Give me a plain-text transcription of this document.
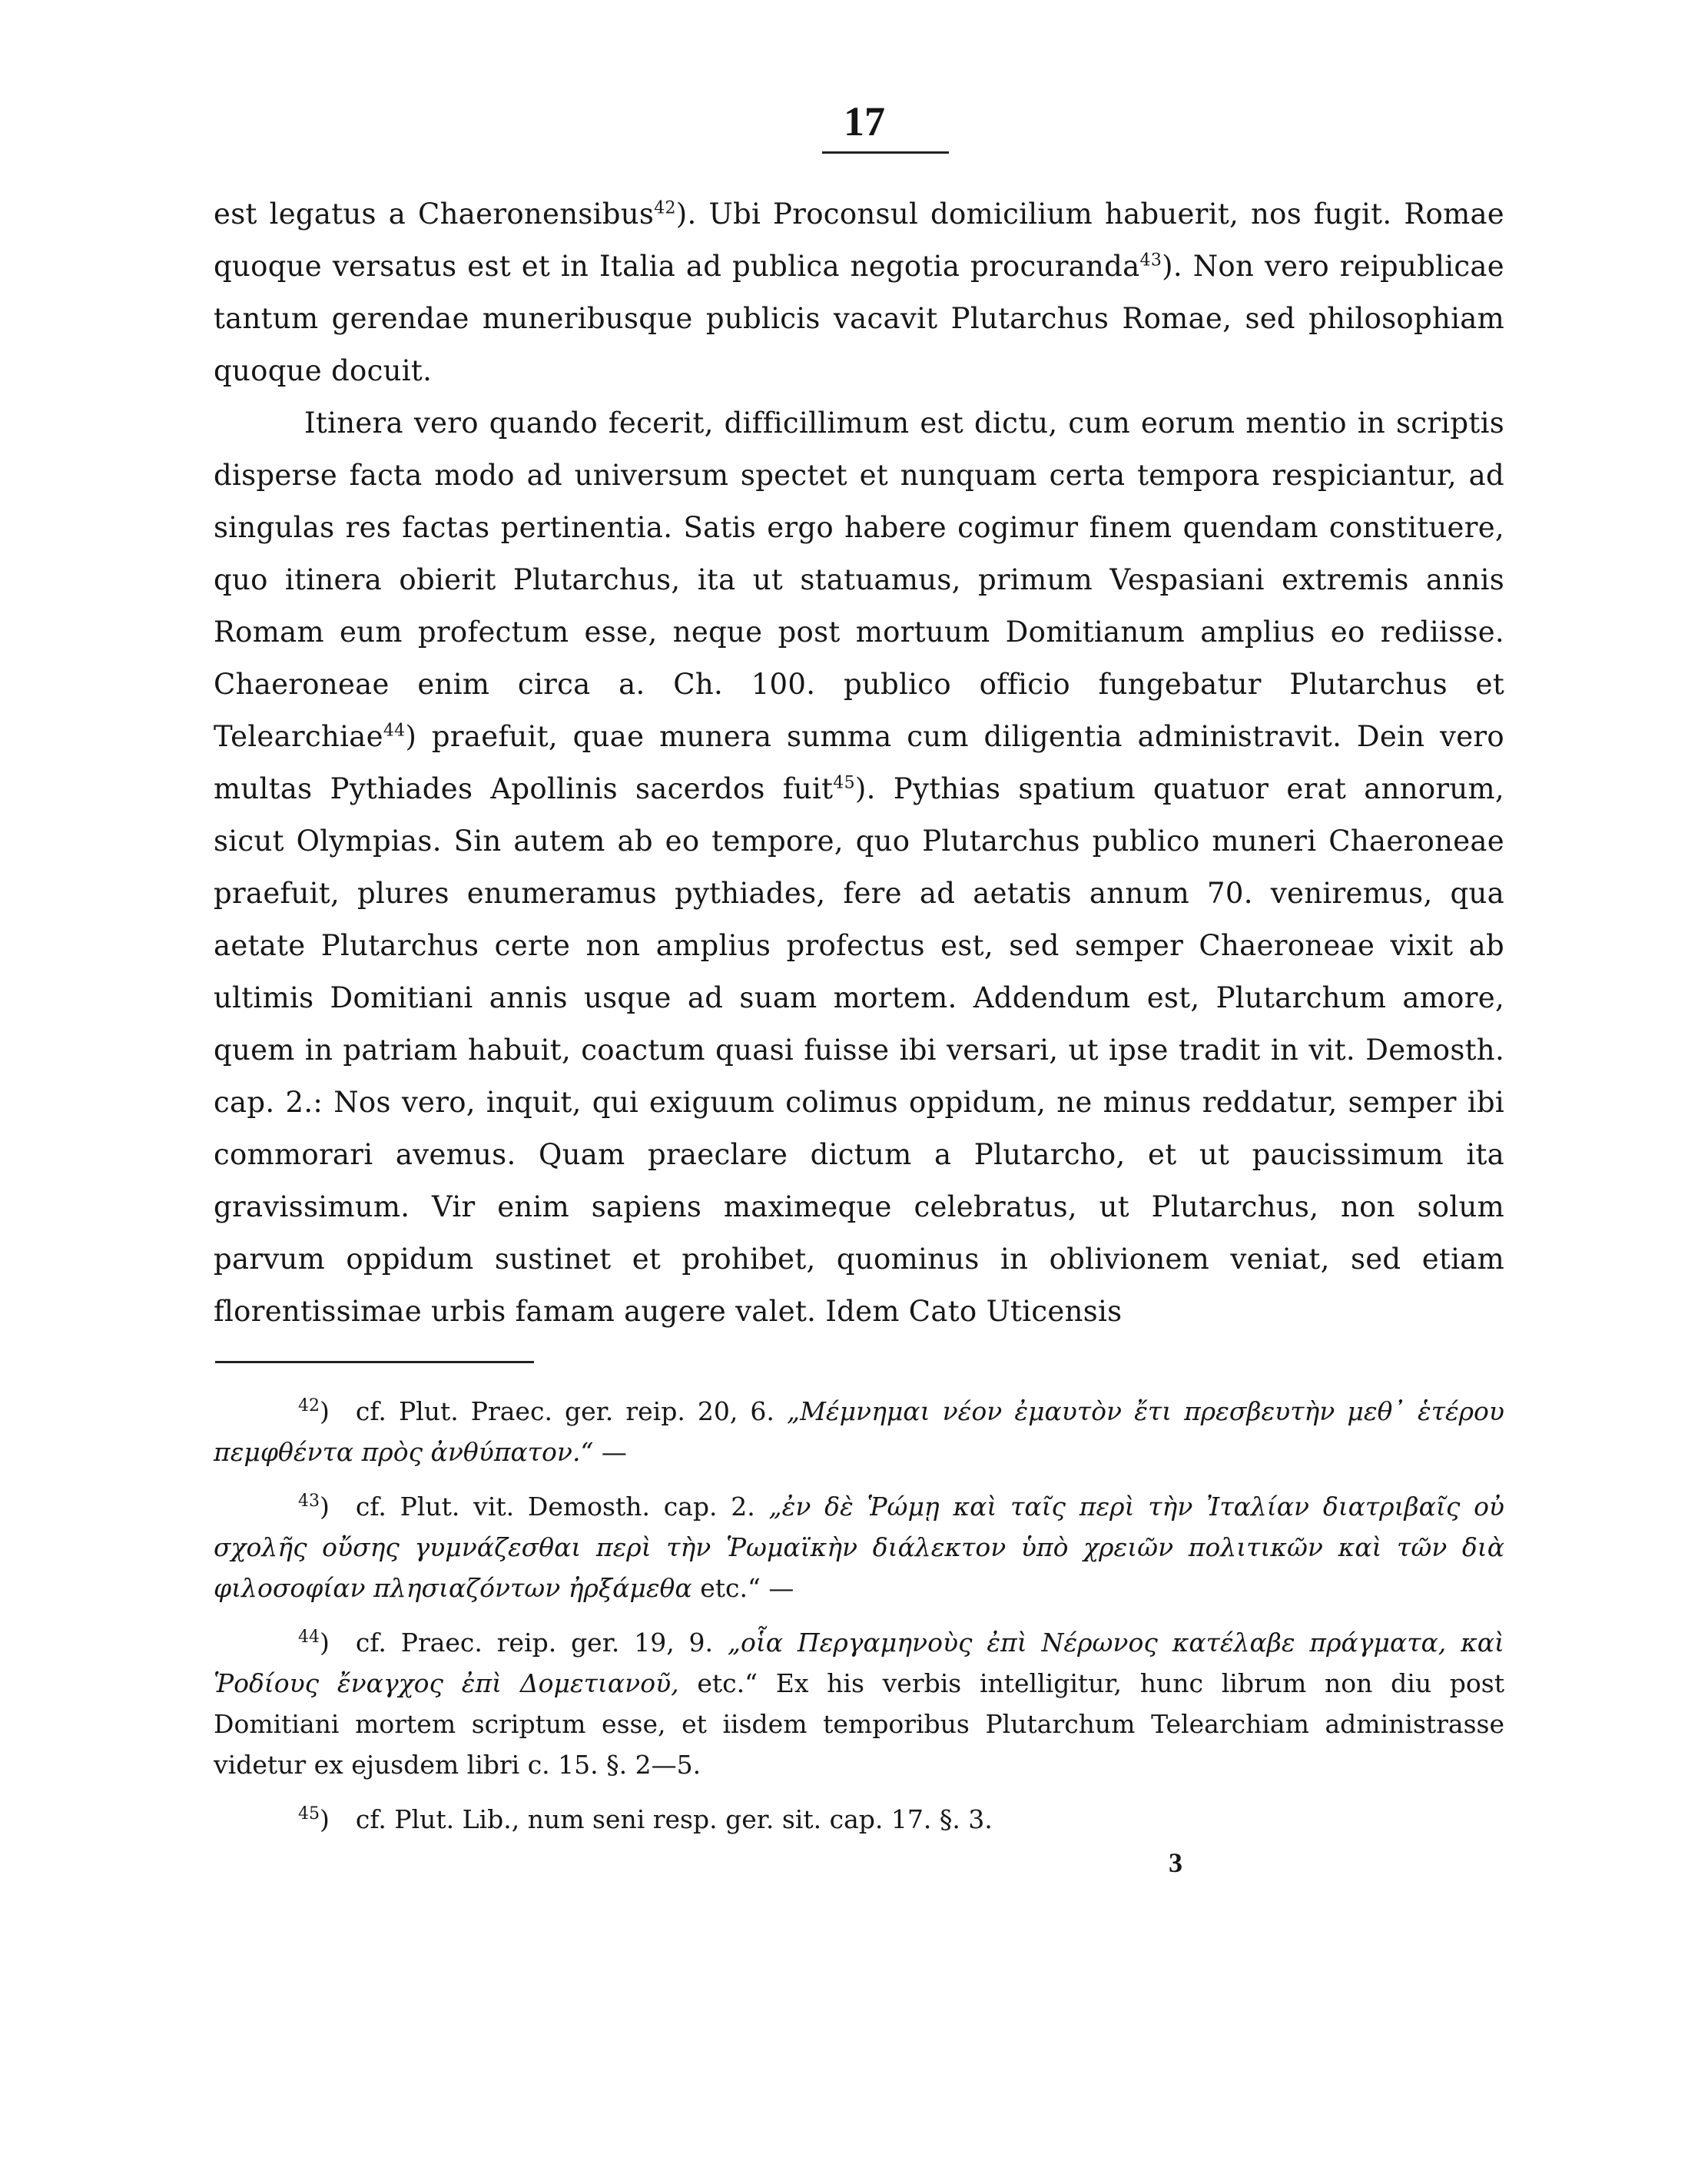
17

est legatus a Chaeronensibus$^{42}$). Ubi Proconsul domicilium habuerit, nos fugit. Romae quoque versatus est et in Italia ad publica negotia procuranda$^{43}$). Non vero reipublicae tantum gerendae muneribusque publicis vacavit Plutarchus Romae, sed philosophiam quoque docuit.

Itinera vero quando fecerit, difficillimum est dictu, cum eorum mentio in scriptis disperse facta modo ad universum spectet et nunquam certa tempora respiciantur, ad singulas res factas pertinentia. Satis ergo habere cogimur finem quendam constituere, quo itinera obierit Plutarchus, ita ut statuamus, primum Vespasiani extremis annis Romam eum profectum esse, neque post mortuum Domitianum amplius eo rediisse. Chaeroneae enim circa a. Ch. 100. publico officio fungebatur Plutarchus et Telearchiae$^{44}$) praefuit, quae munera summa cum diligentia administravit. Dein vero multas Pythiades Apollinis sacerdos fuit$^{45}$). Pythias spatium quatuor erat annorum, sicut Olympias. Sin autem ab eo tempore, quo Plutarchus publico muneri Chaeroneae praefuit, plures enumeramus pythiades, fere ad aetatis annum 70. veniremus, qua aetate Plutarchus certe non amplius profectus est, sed semper Chaeroneae vixit ab ultimis Domitiani annis usque ad suam mortem. Addendum est, Plutarchum amore, quem in patriam habuit, coactum quasi fuisse ibi versari, ut ipse tradit in vit. Demosth. cap. 2.: Nos vero, inquit, qui exiguum colimus oppidum, ne minus reddatur, semper ibi commorari avemus. Quam praeclare dictum a Plutarcho, et ut paucissimum ita gravissimum. Vir enim sapiens maximeque celebratus, ut Plutarchus, non solum parvum oppidum sustinet et prohibet, quominus in oblivionem veniat, sed etiam florentissimae urbis famam augere valet. Idem Cato Uticensis

$^{42}$) cf. Plut. Praec. ger. reip. 20, 6. „Μέμνημαι νέον ἐμαυτὸν ἔτι πρεσβευτὴν μεθ᾽ ἑτέρου πεμφθέντα πρὸς ἀνθύπατον.“ —

$^{43}$) cf. Plut. vit. Demosth. cap. 2. „ἐν δὲ Ῥώμῃ καὶ ταῖς περὶ τὴν Ἰταλίαν διατριβαῖς οὐ σχολῆς οὔσης γυμνάζεσθαι περὶ τὴν Ῥωμαϊκὴν διάλεκτον ὑπὸ χρειῶν πολιτικῶν καὶ τῶν διὰ φιλοσοφίαν πλησιαζόντων ἠρξάμεθα etc.“ —

$^{44}$) cf. Praec. reip. ger. 19, 9. „οἷα Περγαμηνοὺς ἐπὶ Νέρωνος κατέλαβε πράγματα, καὶ Ῥοδίους ἔναγχος ἐπὶ Δομετιανοῦ, etc.“ Ex his verbis intelligitur, hunc librum non diu post Domitiani mortem scriptum esse, et iisdem temporibus Plutarchum Telearchiam administrasse videtur ex ejusdem libri c. 15. §. 2—5.

$^{45}$) cf. Plut. Lib., num seni resp. ger. sit. cap. 17. §. 3.

3
